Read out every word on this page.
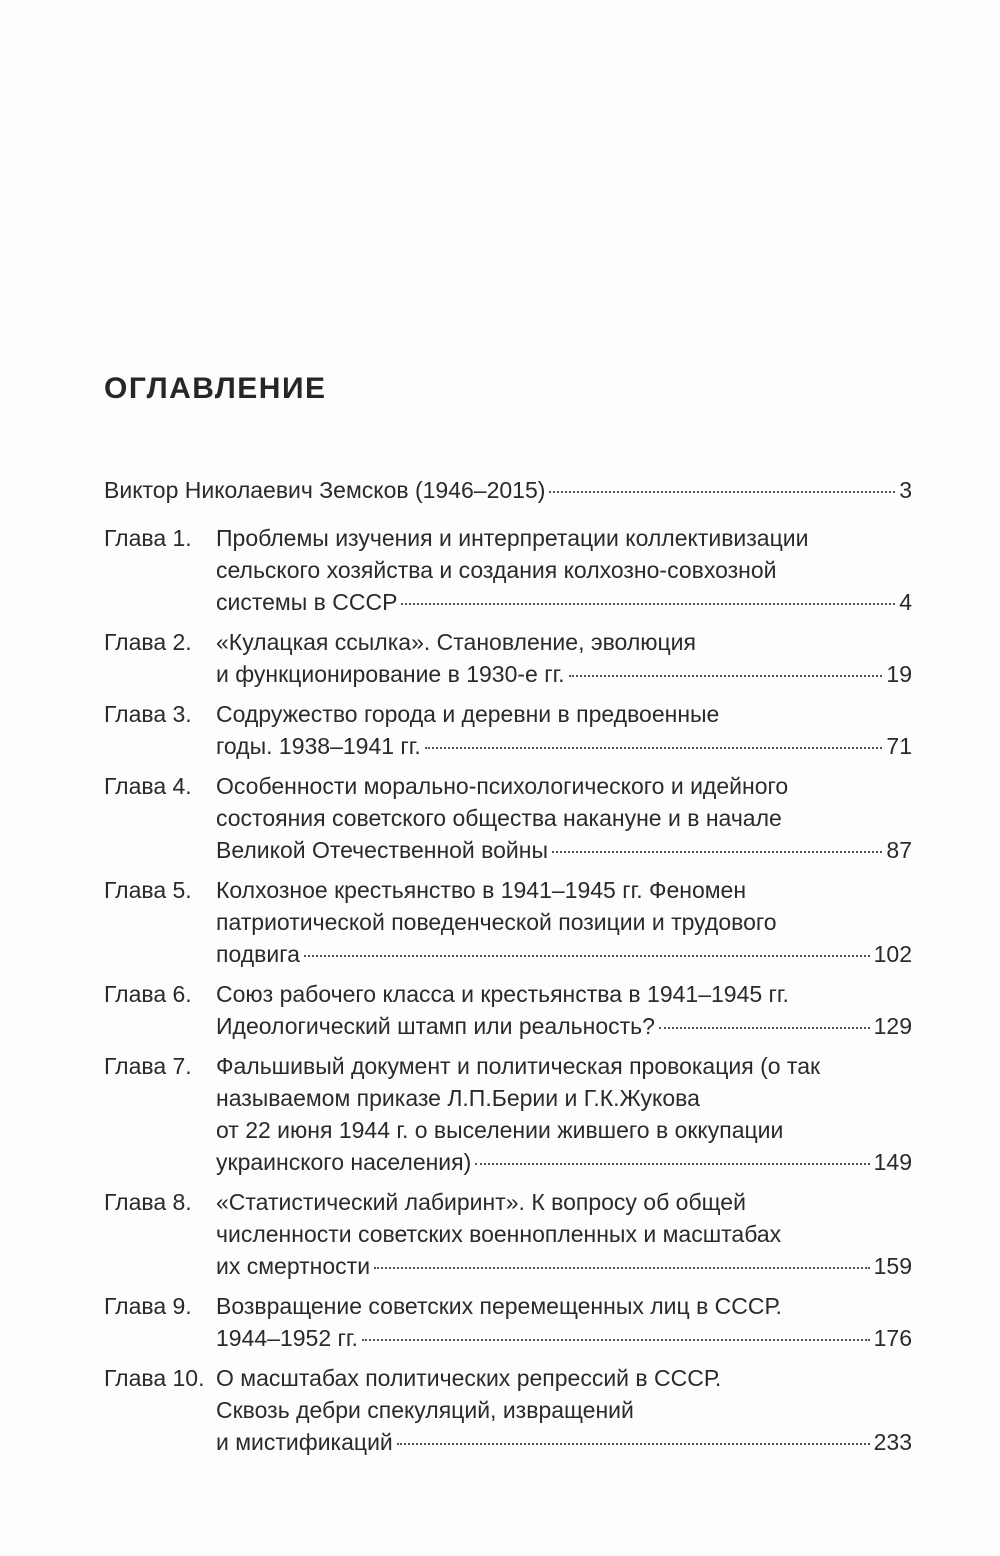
ОГЛАВЛЕНИЕ
Виктор Николаевич Земсков (1946–2015)	3
Глава 1.	Проблемы изучения и интерпретации коллективизации
сельского хозяйства и создания колхозно-совхозной
системы в СССР	4
Глава 2.	«Кулацкая ссылка». Становление, эволюция
и функционирование в 1930-е гг.	19
Глава 3.	Содружество города и деревни в предвоенные
годы. 1938–1941 гг.	71
Глава 4.	Особенности морально-психологического и идейного
состояния советского общества накануне и в начале
Великой Отечественной войны	87
Глава 5.	Колхозное крестьянство в 1941–1945 гг. Феномен
патриотической поведенческой позиции и трудового
подвига	102
Глава 6.	Союз рабочего класса и крестьянства в 1941–1945 гг.
Идеологический штамп или реальность?	129
Глава 7.	Фальшивый документ и политическая провокация (о так
называемом приказе Л.П.Берии и Г.К.Жукова
от 22 июня 1944 г. о выселении жившего в оккупации
украинского населения)	149
Глава 8.	«Статистический лабиринт». К вопросу об общей
численности советских военнопленных и масштабах
их смертности	159
Глава 9.	Возвращение советских перемещенных лиц в СССР.
1944–1952 гг.	176
Глава 10. О масштабах политических репрессий в СССР.
Сквозь дебри спекуляций, извращений
и мистификаций	233
